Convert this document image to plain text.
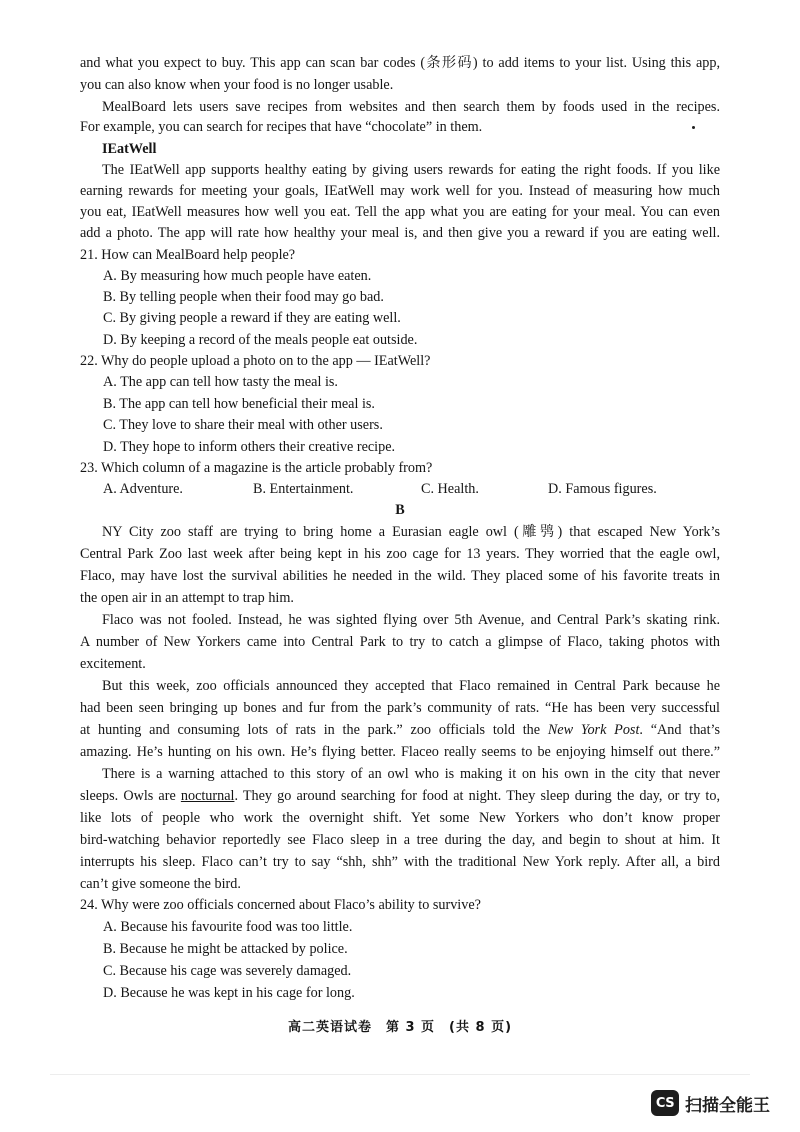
and what you expect to buy. This app can scan bar codes (条形码) to add items to your list. Using this app,
you can also know when your food is no longer usable.
MealBoard lets users save recipes from websites and then search them by foods used in the recipes.
For example, you can search for recipes that have “chocolate” in them.
IEatWell
The IEatWell app supports healthy eating by giving users rewards for eating the right foods. If you like
earning rewards for meeting your goals, IEatWell may work well for you. Instead of measuring how much
you eat, IEatWell measures how well you eat. Tell the app what you are eating for your meal. You can even
add a photo. The app will rate how healthy your meal is, and then give you a reward if you are eating well.
21. How can MealBoard help people?
A. By measuring how much people have eaten.
B. By telling people when their food may go bad.
C. By giving people a reward if they are eating well.
D. By keeping a record of the meals people eat outside.
22. Why do people upload a photo on to the app — IEatWell?
A. The app can tell how tasty the meal is.
B. The app can tell how beneficial their meal is.
C. They love to share their meal with other users.
D. They hope to inform others their creative recipe.
23. Which column of a magazine is the article probably from?
A. Adventure.	B. Entertainment.	C. Health.	D. Famous figures.
B
NY City zoo staff are trying to bring home a Eurasian eagle owl (雕鸮) that escaped New York’s
Central Park Zoo last week after being kept in his zoo cage for 13 years. They worried that the eagle owl,
Flaco, may have lost the survival abilities he needed in the wild. They placed some of his favorite treats in
the open air in an attempt to trap him.
Flaco was not fooled. Instead, he was sighted flying over 5th Avenue, and Central Park’s skating rink.
A number of New Yorkers came into Central Park to try to catch a glimpse of Flaco, taking photos with
excitement.
But this week, zoo officials announced they accepted that Flaco remained in Central Park because he
had been seen bringing up bones and fur from the park’s community of rats. “He has been very successful
at hunting and consuming lots of rats in the park.” zoo officials told the New York Post. “And that’s
amazing. He’s hunting on his own. He’s flying better. Flaceo really seems to be enjoying himself out there.”
There is a warning attached to this story of an owl who is making it on his own in the city that never
sleeps. Owls are nocturnal. They go around searching for food at night. They sleep during the day, or try to,
like lots of people who work the overnight shift. Yet some New Yorkers who don’t know proper
bird-watching behavior reportedly see Flaco sleep in a tree during the day, and begin to shout at him. It
interrupts his sleep. Flaco can’t try to say “shh, shh” with the traditional New York reply. After all, a bird
can’t give someone the bird.
24. Why were zoo officials concerned about Flaco’s ability to survive?
A. Because his favourite food was too little.
B. Because he might be attacked by police.
C. Because his cage was severely damaged.
D. Because he was kept in his cage for long.
高二英语试卷　第 3 页　(共 8 页)
CS 扫描全能王
